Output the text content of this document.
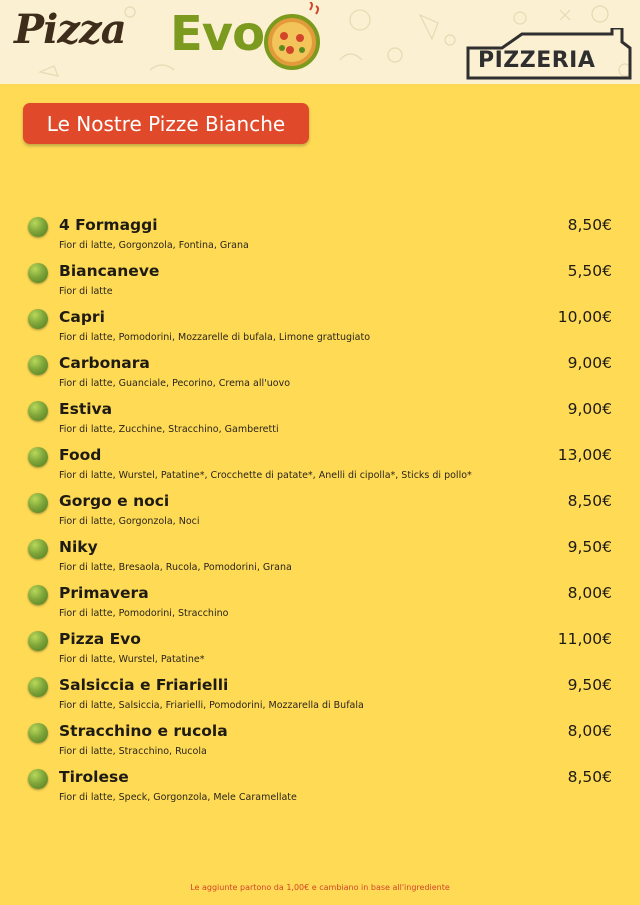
Pizza Evo	PIZZERIA
Le Nostre Pizze Bianche
4 Formaggi
Fior di latte, Gorgonzola, Fontina, Grana
8,50€
Biancaneve
Fior di latte
5,50€
Capri
Fior di latte, Pomodorini, Mozzarelle di bufala, Limone grattugiato
10,00€
Carbonara
Fior di latte, Guanciale, Pecorino, Crema all'uovo
9,00€
Estiva
Fior di latte, Zucchine, Stracchino, Gamberetti
9,00€
Food
Fior di latte, Wurstel, Patatine*, Crocchette di patate*, Anelli di cipolla*, Sticks di pollo*
13,00€
Gorgo e noci
Fior di latte, Gorgonzola, Noci
8,50€
Niky
Fior di latte, Bresaola, Rucola, Pomodorini, Grana
9,50€
Primavera
Fior di latte, Pomodorini, Stracchino
8,00€
Pizza Evo
Fior di latte, Wurstel, Patatine*
11,00€
Salsiccia e Friarielli
Fior di latte, Salsiccia, Friarielli, Pomodorini, Mozzarella di Bufala
9,50€
Stracchino e rucola
Fior di latte, Stracchino, Rucola
8,00€
Tirolese
Fior di latte, Speck, Gorgonzola, Mele Caramellate
8,50€
Le aggiunte partono da 1,00€ e cambiano in base all'ingrediente
